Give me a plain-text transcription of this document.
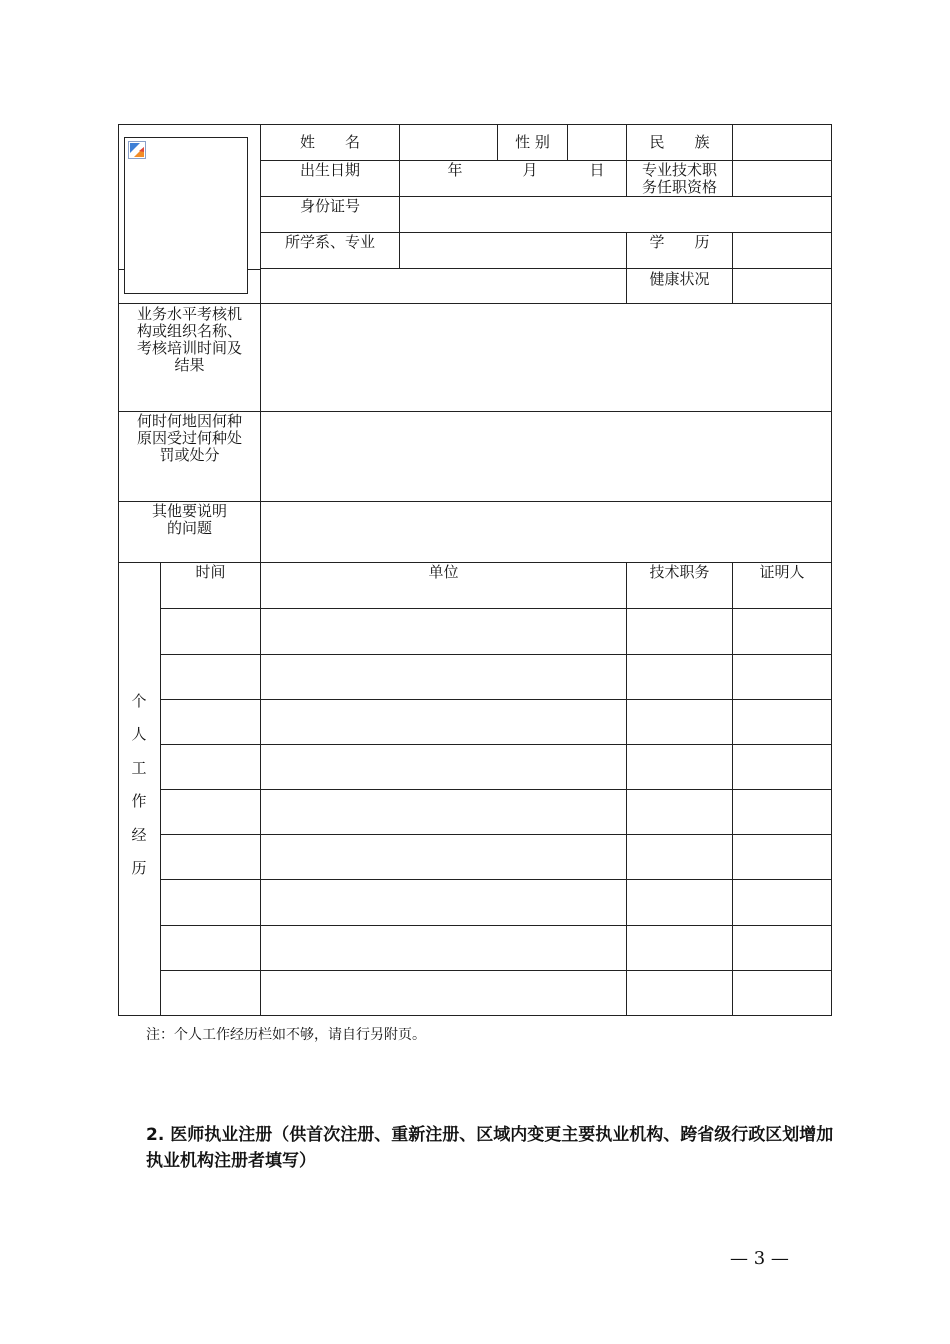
姓　　名	性 别	民　　族
出生日期	年	月	日	专业技术职
务任职资格
身份证号
所学系、专业	学　　历
健康状况
业务水平考核机
构或组织名称、
考核培训时间及
结果
何时何地因何种
原因受过何种处
罚或处分
其他要说明
的问题
个
人
工
作
经
历
时间	单位	技术职务	证明人
注：个人工作经历栏如不够，请自行另附页。
2. 医师执业注册（供首次注册、重新注册、区域内变更主要执业机构、跨省级行政区划增加执业机构注册者填写）
— 3 —
